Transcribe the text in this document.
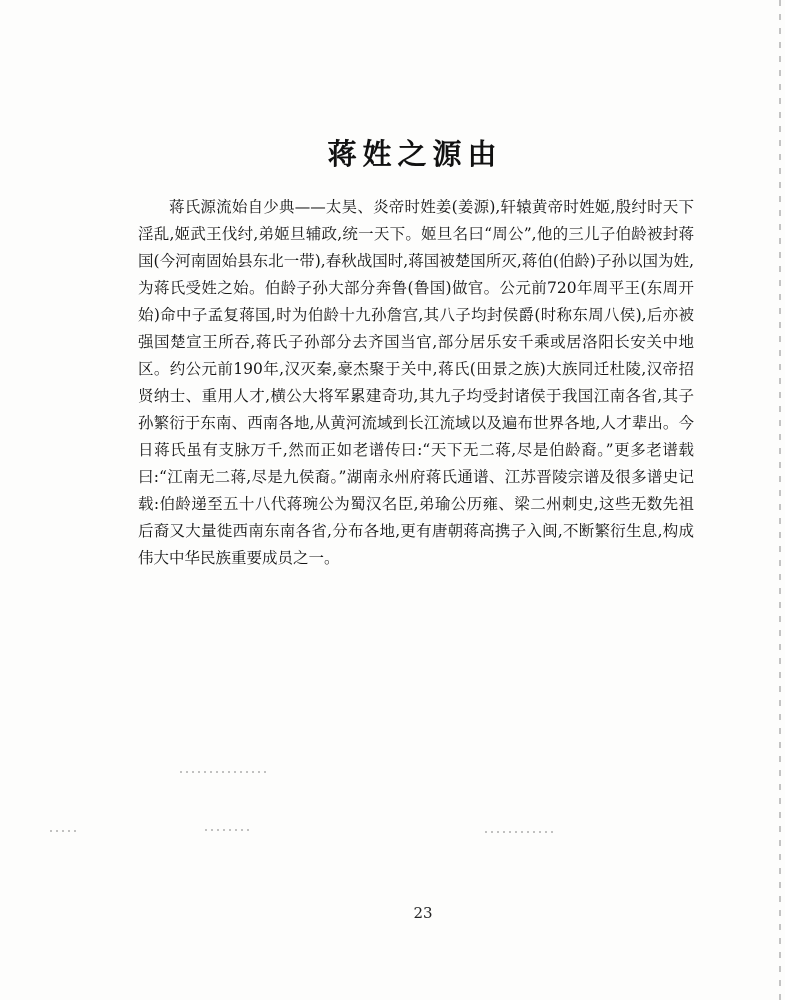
蒋姓之源由

蒋氏源流始自少典——太昊、炎帝时姓姜(姜源),轩辕黄帝时姓姬,殷纣时天下淫乱,姬武王伐纣,弟姬旦辅政,统一天下。姬旦名曰“周公”,他的三儿子伯龄被封蒋国(今河南固始县东北一带),春秋战国时,蒋国被楚国所灭,蒋伯(伯龄)子孙以国为姓,为蒋氏受姓之始。伯龄子孙大部分奔鲁(鲁国)做官。公元前720年周平王(东周开始)命中子孟复蒋国,时为伯龄十九孙詹宫,其八子均封侯爵(时称东周八侯),后亦被强国楚宣王所吞,蒋氏子孙部分去齐国当官,部分居乐安千乘或居洛阳长安关中地区。约公元前190年,汉灭秦,豪杰聚于关中,蒋氏(田景之族)大族同迁杜陵,汉帝招贤纳士、重用人才,横公大将军累建奇功,其九子均受封诸侯于我国江南各省,其子孙繁衍于东南、西南各地,从黄河流域到长江流域以及遍布世界各地,人才辈出。今日蒋氏虽有支脉万千,然而正如老谱传曰:“天下无二蒋,尽是伯龄裔。”更多老谱载曰:“江南无二蒋,尽是九侯裔。”湖南永州府蒋氏通谱、江苏晋陵宗谱及很多谱史记载:伯龄递至五十八代蒋琬公为蜀汉名臣,弟瑜公历雍、梁二州刺史,这些无数先祖后裔又大量徙西南东南各省,分布各地,更有唐朝蒋高携子入闽,不断繁衍生息,构成伟大中华民族重要成员之一。

23
